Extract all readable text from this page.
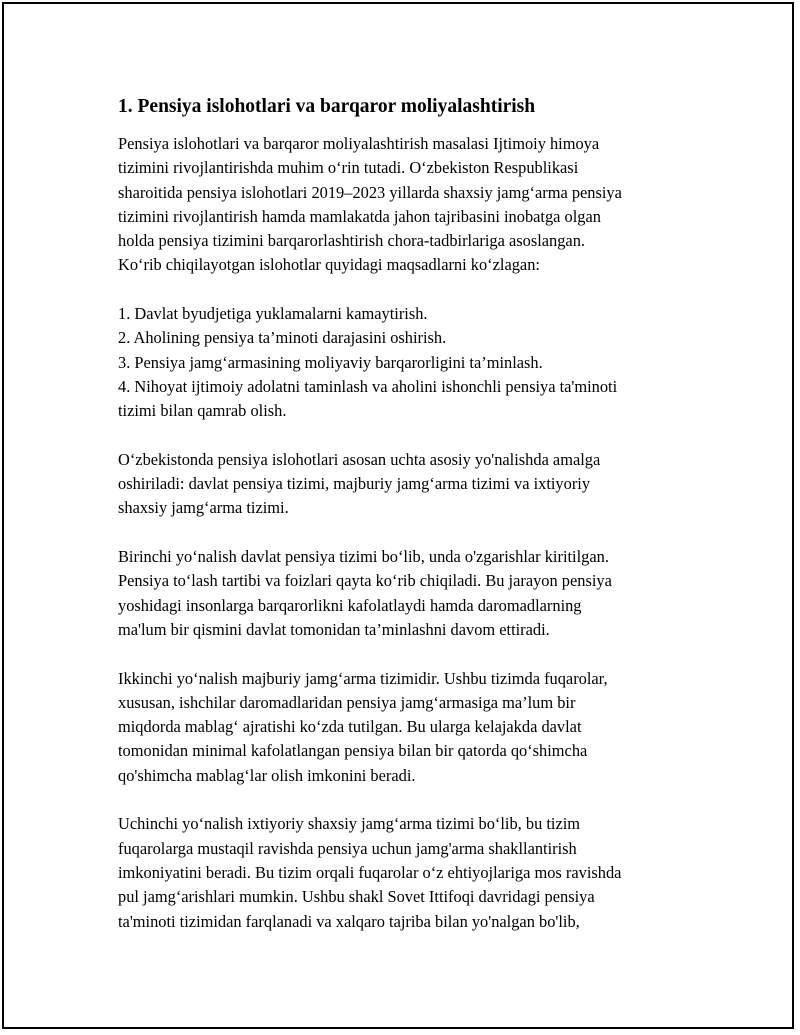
1. Pensiya islohotlari va barqaror moliyalashtirish

Pensiya islohotlari va barqaror moliyalashtirish masalasi Ijtimoiy himoya
tizimini rivojlantirishda muhim oʻrin tutadi. Oʻzbekiston Respublikasi
sharoitida pensiya islohotlari 2019–2023 yillarda shaxsiy jamgʻarma pensiya
tizimini rivojlantirish hamda mamlakatda jahon tajribasini inobatga olgan
holda pensiya tizimini barqarorlashtirish chora-tadbirlariga asoslangan.
Koʻrib chiqilayotgan islohotlar quyidagi maqsadlarni koʻzlagan:

1. Davlat byudjetiga yuklamalarni kamaytirish.
2. Aholining pensiya ta’minoti darajasini oshirish.
3. Pensiya jamgʻarmasining moliyaviy barqarorligini ta’minlash.
4. Nihoyat ijtimoiy adolatni taminlash va aholini ishonchli pensiya ta'minoti
tizimi bilan qamrab olish.

Oʻzbekistonda pensiya islohotlari asosan uchta asosiy yo'nalishda amalga
oshiriladi: davlat pensiya tizimi, majburiy jamgʻarma tizimi va ixtiyoriy
shaxsiy jamgʻarma tizimi.

Birinchi yoʻnalish davlat pensiya tizimi boʻlib, unda o'zgarishlar kiritilgan.
Pensiya toʻlash tartibi va foizlari qayta koʻrib chiqiladi. Bu jarayon pensiya
yoshidagi insonlarga barqarorlikni kafolatlaydi hamda daromadlarning
ma'lum bir qismini davlat tomonidan ta’minlashni davom ettiradi.

Ikkinchi yoʻnalish majburiy jamgʻarma tizimidir. Ushbu tizimda fuqarolar,
xususan, ishchilar daromadlaridan pensiya jamgʻarmasiga ma’lum bir
miqdorda mablagʻ ajratishi koʻzda tutilgan. Bu ularga kelajakda davlat
tomonidan minimal kafolatlangan pensiya bilan bir qatorda qoʻshimcha
qo'shimcha mablagʻlar olish imkonini beradi.

Uchinchi yoʻnalish ixtiyoriy shaxsiy jamgʻarma tizimi boʻlib, bu tizim
fuqarolarga mustaqil ravishda pensiya uchun jamg'arma shakllantirish
imkoniyatini beradi. Bu tizim orqali fuqarolar oʻz ehtiyojlariga mos ravishda
pul jamgʻarishlari mumkin. Ushbu shakl Sovet Ittifoqi davridagi pensiya
ta'minoti tizimidan farqlanadi va xalqaro tajriba bilan yo'nalgan bo'lib,
